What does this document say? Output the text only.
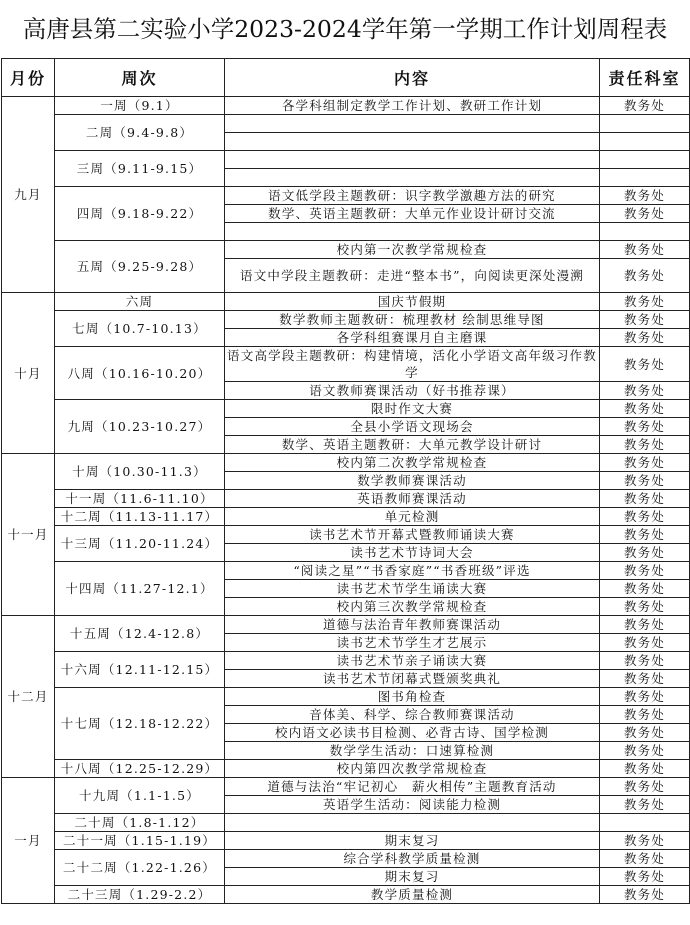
高唐县第二实验小学2023-2024学年第一学期工作计划周程表
月份	周次	内容	责任科室
九月	一周（9.1）	各学科组制定教学工作计划、教研工作计划	教务处
	二周（9.4-9.8）		

	三周（9.11-9.15）		

	四周（9.18-9.22）	语文低学段主题教研：识字教学激趣方法的研究	教务处
		数学、英语主题教研：大单元作业设计研讨交流	教务处

	五周（9.25-9.28）	校内第一次教学常规检查	教务处
		语文中学段主题教研：走进“整本书”，向阅读更深处漫溯	教务处
十月	六周	国庆节假期	教务处
	七周（10.7-10.13）	数学教师主题教研：梳理教材 绘制思维导图	教务处
		各学科组赛课月自主磨课	教务处
	八周（10.16-10.20）	语文高学段主题教研：构建情境，活化小学语文高年级习作教学	教务处
		语文教师赛课活动（好书推荐课）	教务处
	九周（10.23-10.27）	限时作文大赛	教务处
		全县小学语文现场会	教务处
		数学、英语主题教研：大单元教学设计研讨	教务处
十一月	十周（10.30-11.3）	校内第二次教学常规检查	教务处
		数学教师赛课活动	教务处
	十一周（11.6-11.10）	英语教师赛课活动	教务处
	十二周（11.13-11.17）	单元检测	教务处
	十三周（11.20-11.24）	读书艺术节开幕式暨教师诵读大赛	教务处
		读书艺术节诗词大会	教务处
	十四周（11.27-12.1）	“阅读之星”“书香家庭”“书香班级”评选	教务处
		读书艺术节学生诵读大赛	教务处
		校内第三次教学常规检查	教务处
十二月	十五周（12.4-12.8）	道德与法治青年教师赛课活动	教务处
		读书艺术节学生才艺展示	教务处
	十六周（12.11-12.15）	读书艺术节亲子诵读大赛	教务处
		读书艺术节闭幕式暨颁奖典礼	教务处
	十七周（12.18-12.22）	图书角检查	教务处
		音体美、科学、综合教师赛课活动	教务处
		校内语文必读书目检测、必背古诗、国学检测	教务处
		数学学生活动：口速算检测	教务处
	十八周（12.25-12.29）	校内第四次教学常规检查	教务处
一月	十九周（1.1-1.5）	道德与法治“牢记初心　薪火相传”主题教育活动	教务处
		英语学生活动：阅读能力检测	教务处
	二十周（1.8-1.12）		
	二十一周（1.15-1.19）	期末复习	教务处
	二十二周（1.22-1.26）	综合学科教学质量检测	教务处
		期末复习	教务处
	二十三周（1.29-2.2）	教学质量检测	教务处
